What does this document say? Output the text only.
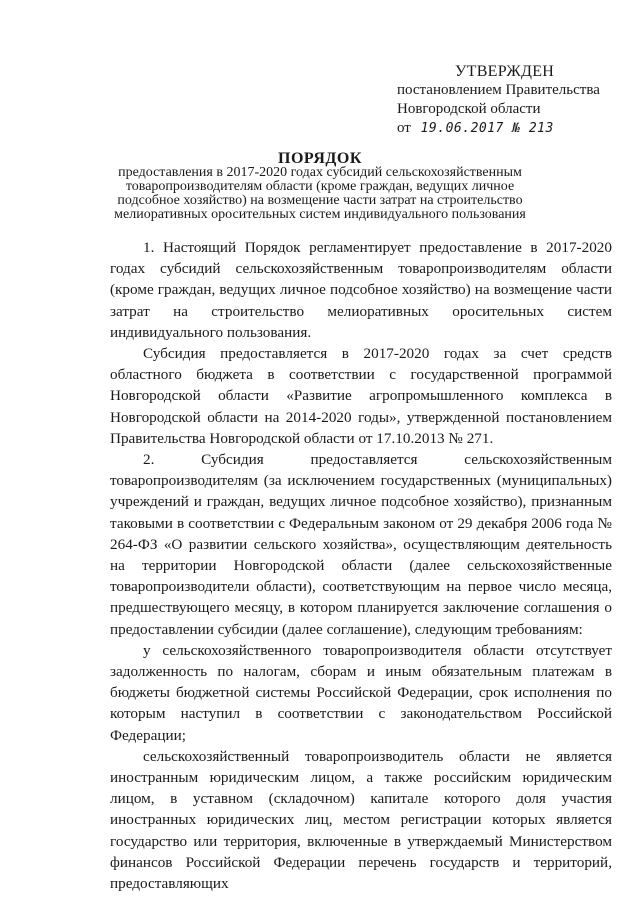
УТВЕРЖДЕН
постановлением Правительства
Новгородской области
от 19.06.2017 № 213
ПОРЯДОК
предоставления в 2017-2020 годах субсидий сельскохозяйственным товаропроизводителям области (кроме граждан, ведущих личное подсобное хозяйство) на возмещение части затрат на строительство мелиоративных оросительных систем индивидуального пользования

1. Настоящий Порядок регламентирует предоставление в 2017-2020 годах субсидий сельскохозяйственным товаропроизводителям области (кроме граждан, ведущих личное подсобное хозяйство) на возмещение части затрат на строительство мелиоративных оросительных систем индивидуального пользования.

Субсидия предоставляется в 2017-2020 годах за счет средств областного бюджета в соответствии с государственной программой Новгородской области «Развитие агропромышленного комплекса в Новгородской области на 2014-2020 годы», утвержденной постановлением Правительства Новгородской области от 17.10.2013 № 271.

2. Субсидия предоставляется сельскохозяйственным товаропроизводителям (за исключением государственных (муниципальных) учреждений и граждан, ведущих личное подсобное хозяйство), признанным таковыми в соответствии с Федеральным законом от 29 декабря 2006 года № 264-ФЗ «О развитии сельского хозяйства», осуществляющим деятельность на территории Новгородской области (далее сельскохозяйственные товаропроизводители области), соответствующим на первое число месяца, предшествующего месяцу, в котором планируется заключение соглашения о предоставлении субсидии (далее соглашение), следующим требованиям:

у сельскохозяйственного товаропроизводителя области отсутствует задолженность по налогам, сборам и иным обязательным платежам в бюджеты бюджетной системы Российской Федерации, срок исполнения по которым наступил в соответствии с законодательством Российской Федерации;

сельскохозяйственный товаропроизводитель области не является иностранным юридическим лицом, а также российским юридическим лицом, в уставном (складочном) капитале которого доля участия иностранных юридических лиц, местом регистрации которых является государство или территория, включенные в утверждаемый Министерством финансов Российской Федерации перечень государств и территорий, предоставляющих
